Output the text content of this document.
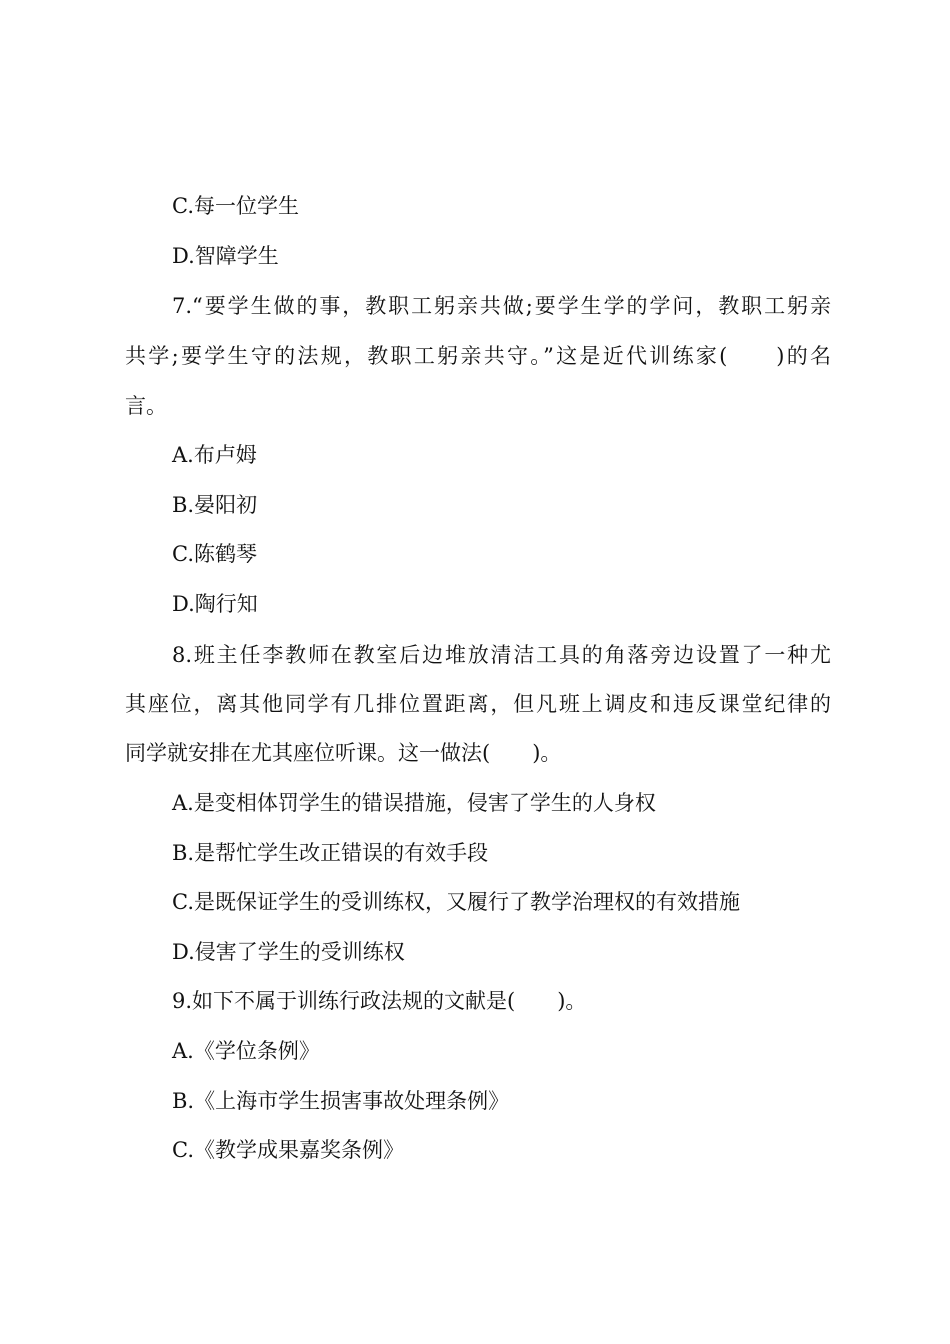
C.每一位学生
D.智障学生
7.“要学生做的事，教职工躬亲共做;要学生学的学问，教职工躬亲
共学;要学生守的法规，教职工躬亲共守。”这是近代训练家(　　)的名
言。
A.布卢姆
B.晏阳初
C.陈鹤琴
D.陶行知
8.班主任李教师在教室后边堆放清洁工具的角落旁边设置了一种尤
其座位，离其他同学有几排位置距离，但凡班上调皮和违反课堂纪律的
同学就安排在尤其座位听课。这一做法(　　)。
A.是变相体罚学生的错误措施，侵害了学生的人身权
B.是帮忙学生改正错误的有效手段
C.是既保证学生的受训练权，又履行了教学治理权的有效措施
D.侵害了学生的受训练权
9.如下不属于训练行政法规的文献是(　　)。
A.《学位条例》
B.《上海市学生损害事故处理条例》
C.《教学成果嘉奖条例》
